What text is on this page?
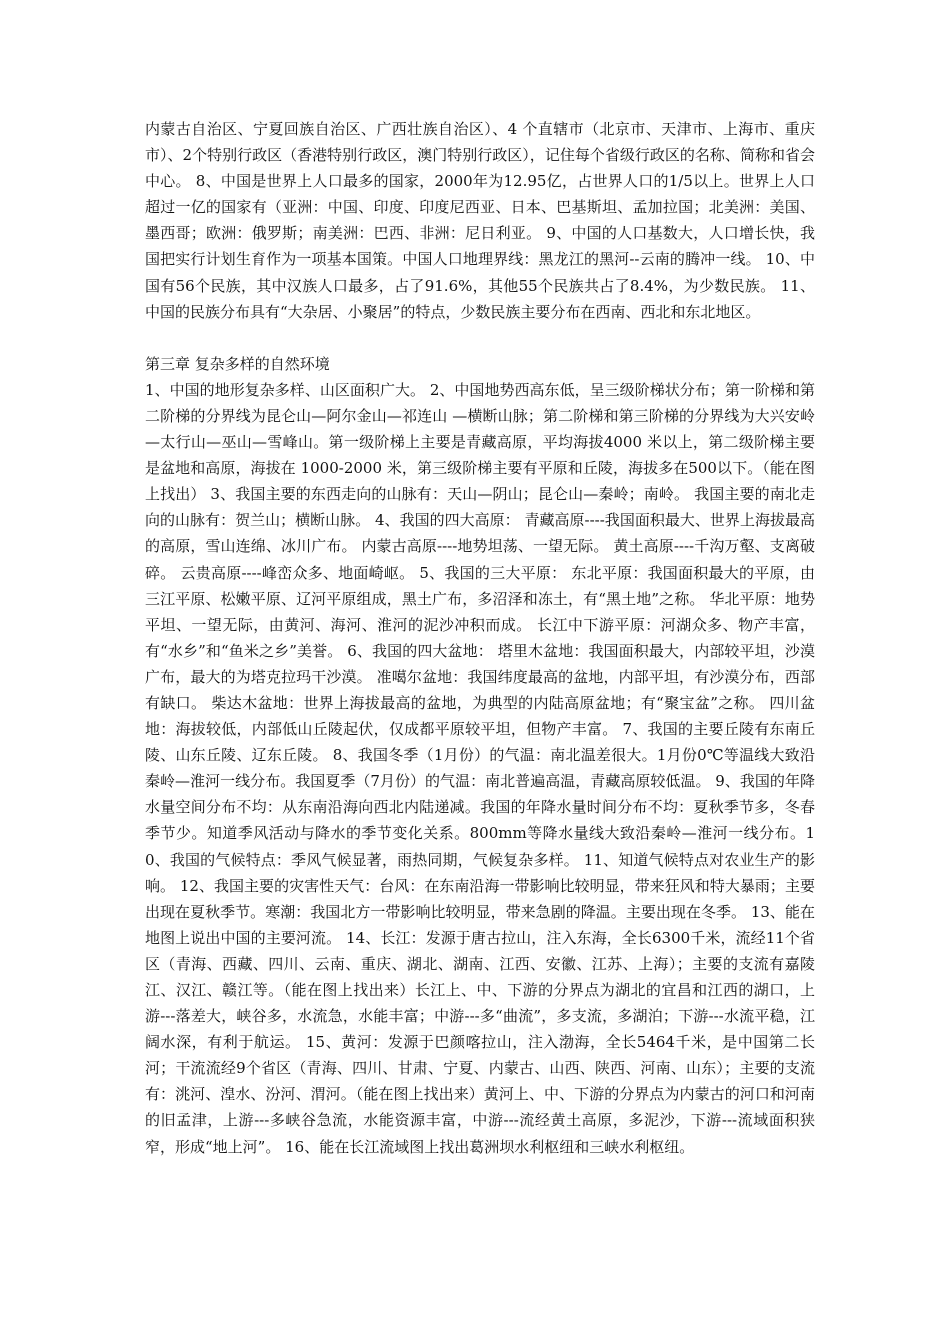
内蒙古自治区、宁夏回族自治区、广西壮族自治区）、4 个直辖市（北京市、天津市、上海市、重庆市）、2个特别行政区（香港特别行政区，澳门特别行政区），记住每个省级行政区的名称、简称和省会中心。 8、中国是世界上人口最多的国家，2000年为12.95亿，占世界人口的1/5以上。世界上人口超过一亿的国家有（亚洲：中国、印度、印度尼西亚、日本、巴基斯坦、孟加拉国；北美洲：美国、墨西哥；欧洲：俄罗斯；南美洲：巴西、非洲：尼日利亚。 9、中国的人口基数大，人口增长快，我国把实行计划生育作为一项基本国策。中国人口地理界线：黑龙江的黑河--云南的腾冲一线。 10、中国有56个民族，其中汉族人口最多，占了91.6%，其他55个民族共占了8.4%，为少数民族。 11、中国的民族分布具有“大杂居、小聚居”的特点，少数民族主要分布在西南、西北和东北地区。

第三章 复杂多样的自然环境

1、中国的地形复杂多样、山区面积广大。 2、中国地势西高东低，呈三级阶梯状分布；第一阶梯和第二阶梯的分界线为昆仑山—阿尔金山—祁连山 —横断山脉；第二阶梯和第三阶梯的分界线为大兴安岭—太行山—巫山—雪峰山。第一级阶梯上主要是青藏高原，平均海拔4000 米以上，第二级阶梯主要是盆地和高原，海拔在 1000-2000 米，第三级阶梯主要有平原和丘陵，海拔多在500以下。（能在图上找出） 3、我国主要的东西走向的山脉有：天山—阴山；昆仑山—秦岭；南岭。 我国主要的南北走向的山脉有：贺兰山；横断山脉。 4、我国的四大高原： 青藏高原----我国面积最大、世界上海拔最高的高原，雪山连绵、冰川广布。 内蒙古高原----地势坦荡、一望无际。 黄土高原----千沟万壑、支离破碎。 云贵高原----峰峦众多、地面崎岖。 5、我国的三大平原： 东北平原：我国面积最大的平原，由三江平原、松嫩平原、辽河平原组成，黑土广布，多沼泽和冻土，有“黑土地”之称。 华北平原：地势平坦、一望无际，由黄河、海河、淮河的泥沙冲积而成。 长江中下游平原：河湖众多、物产丰富，有“水乡”和“鱼米之乡”美誉。 6、我国的四大盆地： 塔里木盆地：我国面积最大，内部较平坦，沙漠广布，最大的为塔克拉玛干沙漠。 准噶尔盆地：我国纬度最高的盆地，内部平坦，有沙漠分布，西部有缺口。 柴达木盆地：世界上海拔最高的盆地，为典型的内陆高原盆地；有“聚宝盆”之称。 四川盆地：海拔较低，内部低山丘陵起伏，仅成都平原较平坦，但物产丰富。 7、我国的主要丘陵有东南丘陵、山东丘陵、辽东丘陵。 8、我国冬季（1月份）的气温：南北温差很大。1月份0℃等温线大致沿秦岭—淮河一线分布。我国夏季（7月份）的气温：南北普遍高温，青藏高原较低温。 9、我国的年降水量空间分布不均：从东南沿海向西北内陆递减。我国的年降水量时间分布不均：夏秋季节多，冬春季节少。知道季风活动与降水的季节变化关系。800mm等降水量线大致沿秦岭—淮河一线分布。10、我国的气候特点：季风气候显著，雨热同期，气候复杂多样。 11、知道气候特点对农业生产的影响。 12、我国主要的灾害性天气：台风：在东南沿海一带影响比较明显，带来狂风和特大暴雨；主要出现在夏秋季节。寒潮：我国北方一带影响比较明显，带来急剧的降温。主要出现在冬季。 13、能在地图上说出中国的主要河流。 14、长江：发源于唐古拉山，注入东海，全长6300千米，流经11个省区（青海、西藏、四川、云南、重庆、湖北、湖南、江西、安徽、江苏、上海）；主要的支流有嘉陵江、汉江、赣江等。（能在图上找出来）长江上、中、下游的分界点为湖北的宜昌和江西的湖口，上游---落差大，峡谷多，水流急，水能丰富；中游---多“曲流”，多支流，多湖泊；下游---水流平稳，江阔水深，有利于航运。 15、黄河：发源于巴颜喀拉山，注入渤海，全长5464千米，是中国第二长河；干流流经9个省区（青海、四川、甘肃、宁夏、内蒙古、山西、陕西、河南、山东）；主要的支流有：洮河、湟水、汾河、渭河。（能在图上找出来）黄河上、中、下游的分界点为内蒙古的河口和河南的旧孟津，上游---多峡谷急流，水能资源丰富，中游---流经黄土高原，多泥沙，下游---流域面积狭窄，形成“地上河”。 16、能在长江流域图上找出葛洲坝水利枢纽和三峡水利枢纽。
